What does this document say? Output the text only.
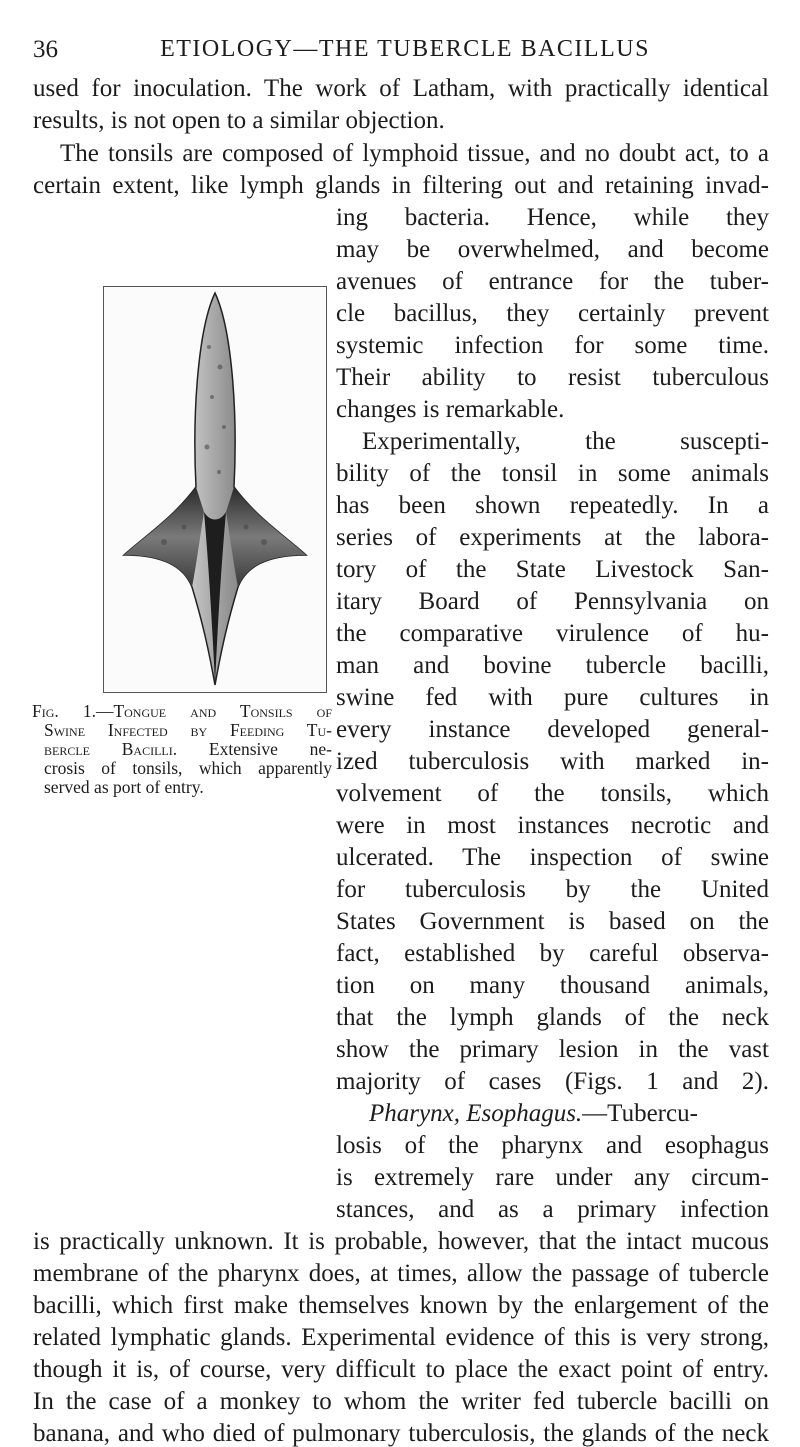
36	ETIOLOGY—THE TUBERCLE BACILLUS
used for inoculation. The work of Latham, with practically identical
results, is not open to a similar objection.
The tonsils are composed of lymphoid tissue, and no doubt act, to a
certain extent, like lymph glands in filtering out and retaining invad-
ing bacteria. Hence, while they
may be overwhelmed, and become
avenues of entrance for the tuber-
cle bacillus, they certainly prevent
systemic infection for some time.
Their ability to resist tuberculous
changes is remarkable.
Experimentally, the suscepti-
bility of the tonsil in some animals
has been shown repeatedly. In a
series of experiments at the labora-
tory of the State Livestock San-
itary Board of Pennsylvania on
the comparative virulence of hu-
man and bovine tubercle bacilli,
swine fed with pure cultures in
every instance developed general-
ized tuberculosis with marked in-
volvement of the tonsils, which
were in most instances necrotic and
ulcerated. The inspection of swine
for tuberculosis by the United
States Government is based on the
fact, established by careful observa-
tion on many thousand animals,
that the lymph glands of the neck
show the primary lesion in the vast
majority of cases (Figs. 1 and 2).
Pharynx, Esophagus.—Tubercu-
losis of the pharynx and esophagus
is extremely rare under any circum-
stances, and as a primary infection
is practically unknown. It is probable, however, that the intact mucous
membrane of the pharynx does, at times, allow the passage of tubercle
bacilli, which first make themselves known by the enlargement of the
related lymphatic glands. Experimental evidence of this is very strong,
though it is, of course, very difficult to place the exact point of entry.
In the case of a monkey to whom the writer fed tubercle bacilli on
banana, and who died of pulmonary tuberculosis, the glands of the neck
Fig. 1.—Tongue and Tonsils of
Swine Infected by Feeding Tu-
bercle Bacilli. Extensive ne-
crosis of tonsils, which apparently
served as port of entry.
